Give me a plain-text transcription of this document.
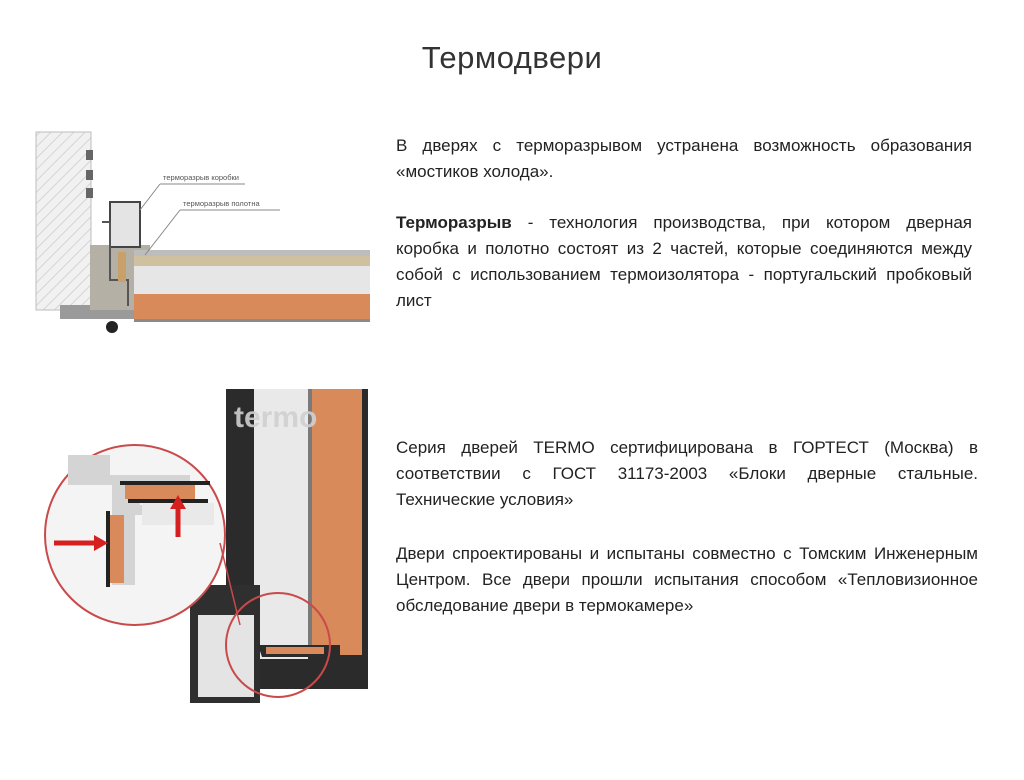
Термодвери

В дверях с терморазрывом устранена возможность образования «мостиков холода».

Терморазрыв - технология производства, при котором дверная коробка и полотно состоят из 2 частей, которые соединяются между собой с использованием термоизолятора - португальский пробковый лист

Серия дверей TERMO сертифицирована в ГОРТЕСТ (Москва) в соответствии с ГОСТ 31173-2003 «Блоки дверные стальные. Технические условия»

Двери спроектированы и испытаны совместно с Томским Инженерным Центром. Все двери прошли испытания способом «Тепловизионное обследование двери в термокамере»

терморазрыв коробки
терморазрыв полотна
termo
